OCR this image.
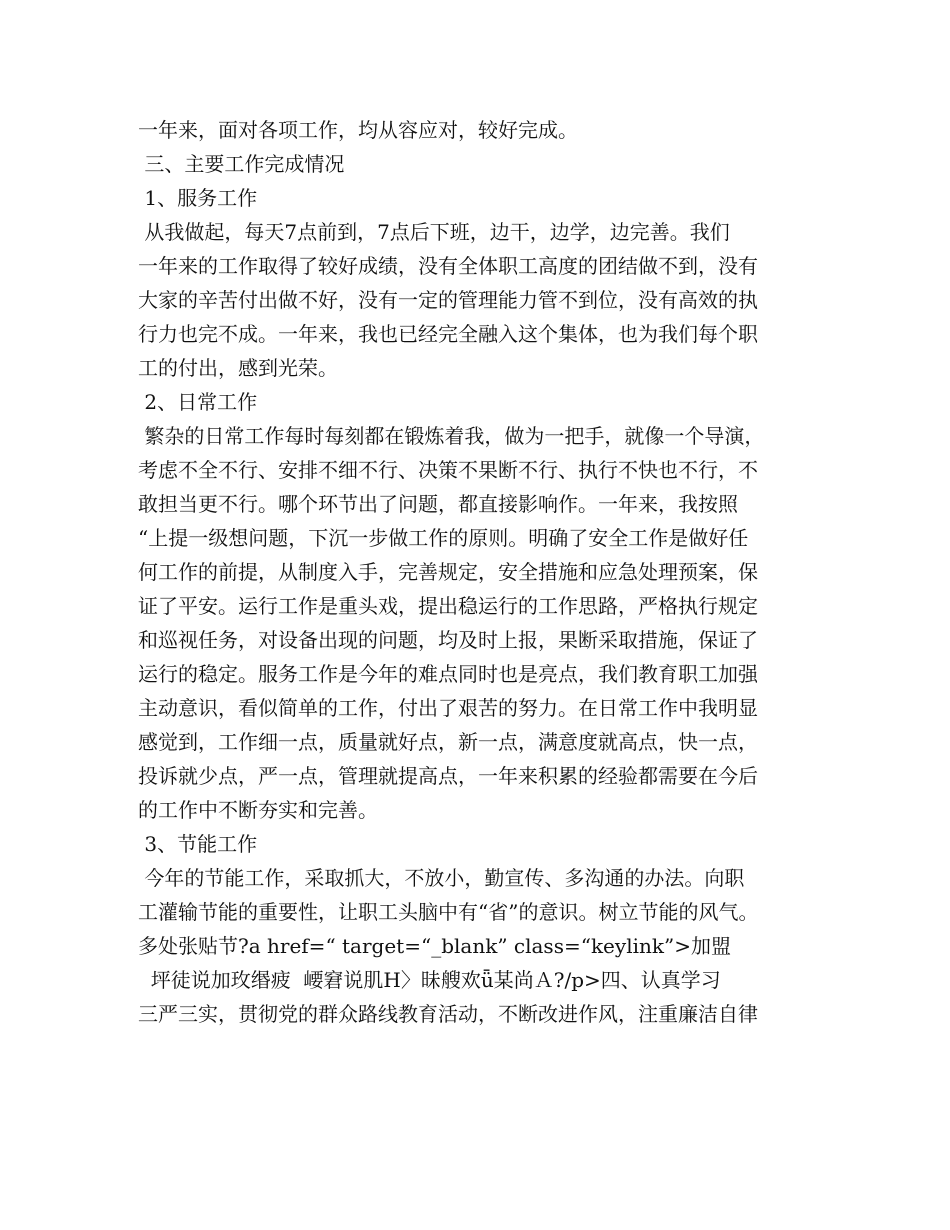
一年来，面对各项工作，均从容应对，较好完成。
三、主要工作完成情况
1、服务工作
从我做起，每天7点前到，7点后下班，边干，边学，边完善。我们
一年来的工作取得了较好成绩，没有全体职工高度的团结做不到，没有
大家的辛苦付出做不好，没有一定的管理能力管不到位，没有高效的执
行力也完不成。一年来，我也已经完全融入这个集体，也为我们每个职
工的付出，感到光荣。
2、日常工作
繁杂的日常工作每时每刻都在锻炼着我，做为一把手，就像一个导演，
考虑不全不行、安排不细不行、决策不果断不行、执行不快也不行，不
敢担当更不行。哪个环节出了问题，都直接影响作。一年来，我按照
“上提一级想问题，下沉一步做工作的原则。明确了安全工作是做好任
何工作的前提，从制度入手，完善规定，安全措施和应急处理预案，保
证了平安。运行工作是重头戏，提出稳运行的工作思路，严格执行规定
和巡视任务，对设备出现的问题，均及时上报，果断采取措施，保证了
运行的稳定。服务工作是今年的难点同时也是亮点，我们教育职工加强
主动意识，看似简单的工作，付出了艰苦的努力。在日常工作中我明显
感觉到，工作细一点，质量就好点，新一点，满意度就高点，快一点，
投诉就少点，严一点，管理就提高点，一年来积累的经验都需要在今后
的工作中不断夯实和完善。
3、节能工作
今年的节能工作，采取抓大，不放小，勤宣传、多沟通的办法。向职
工灌输节能的重要性，让职工头脑中有“省”的意识。树立节能的风气。
多处张贴节?a href=“ target=“_blank” class=“keylink”>加盟
坪徒说加玫缗疲  崾窘说肌H〉昧艘欢ǖ某尚Ａ?/p>四、认真学习
三严三实，贯彻党的群众路线教育活动，不断改进作风，注重廉洁自律
